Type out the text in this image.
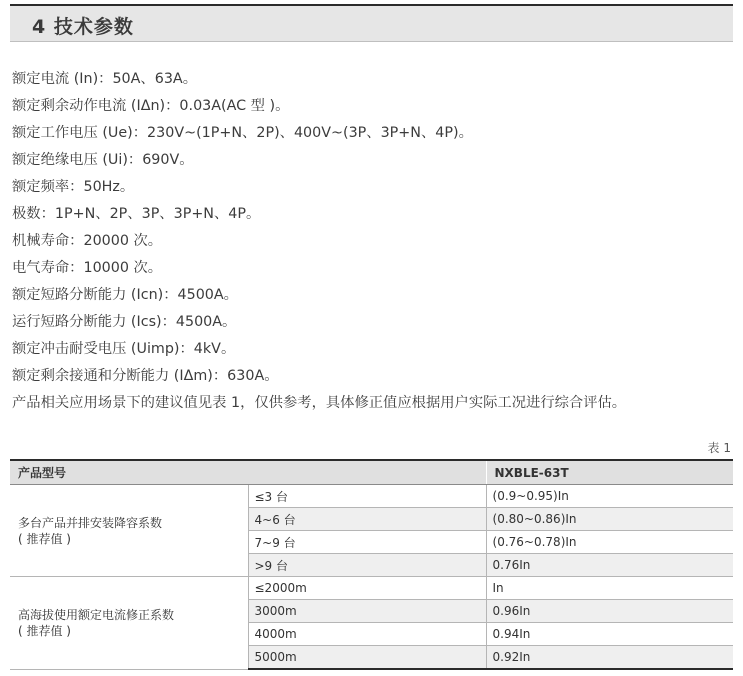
4 技术参数
额定电流 (In)：50A、63A。
额定剩余动作电流 (IΔn)：0.03A(AC 型 )。
额定工作电压 (Ue)：230V~(1P+N、2P)、400V~(3P、3P+N、4P)。
额定绝缘电压 (Ui)：690V。
额定频率：50Hz。
极数：1P+N、2P、3P、3P+N、4P。
机械寿命：20000 次。
电气寿命：10000 次。
额定短路分断能力 (Icn)：4500A。
运行短路分断能力 (Ics)：4500A。
额定冲击耐受电压 (Uimp)：4kV。
额定剩余接通和分断能力 (IΔm)：630A。
产品相关应用场景下的建议值见表 1，仅供参考，具体修正值应根据用户实际工况进行综合评估。
表 1
产品型号		NXBLE-63T

多台产品并排安装降容系数
( 推荐值 )	≤3 台	(0.9~0.95)In
	4~6 台	(0.80~0.86)In
	7~9 台	(0.76~0.78)In
	>9 台	0.76In

高海拔使用额定电流修正系数
( 推荐值 )	≤2000m	In
	3000m	0.96In
	4000m	0.94In
	5000m	0.92In
